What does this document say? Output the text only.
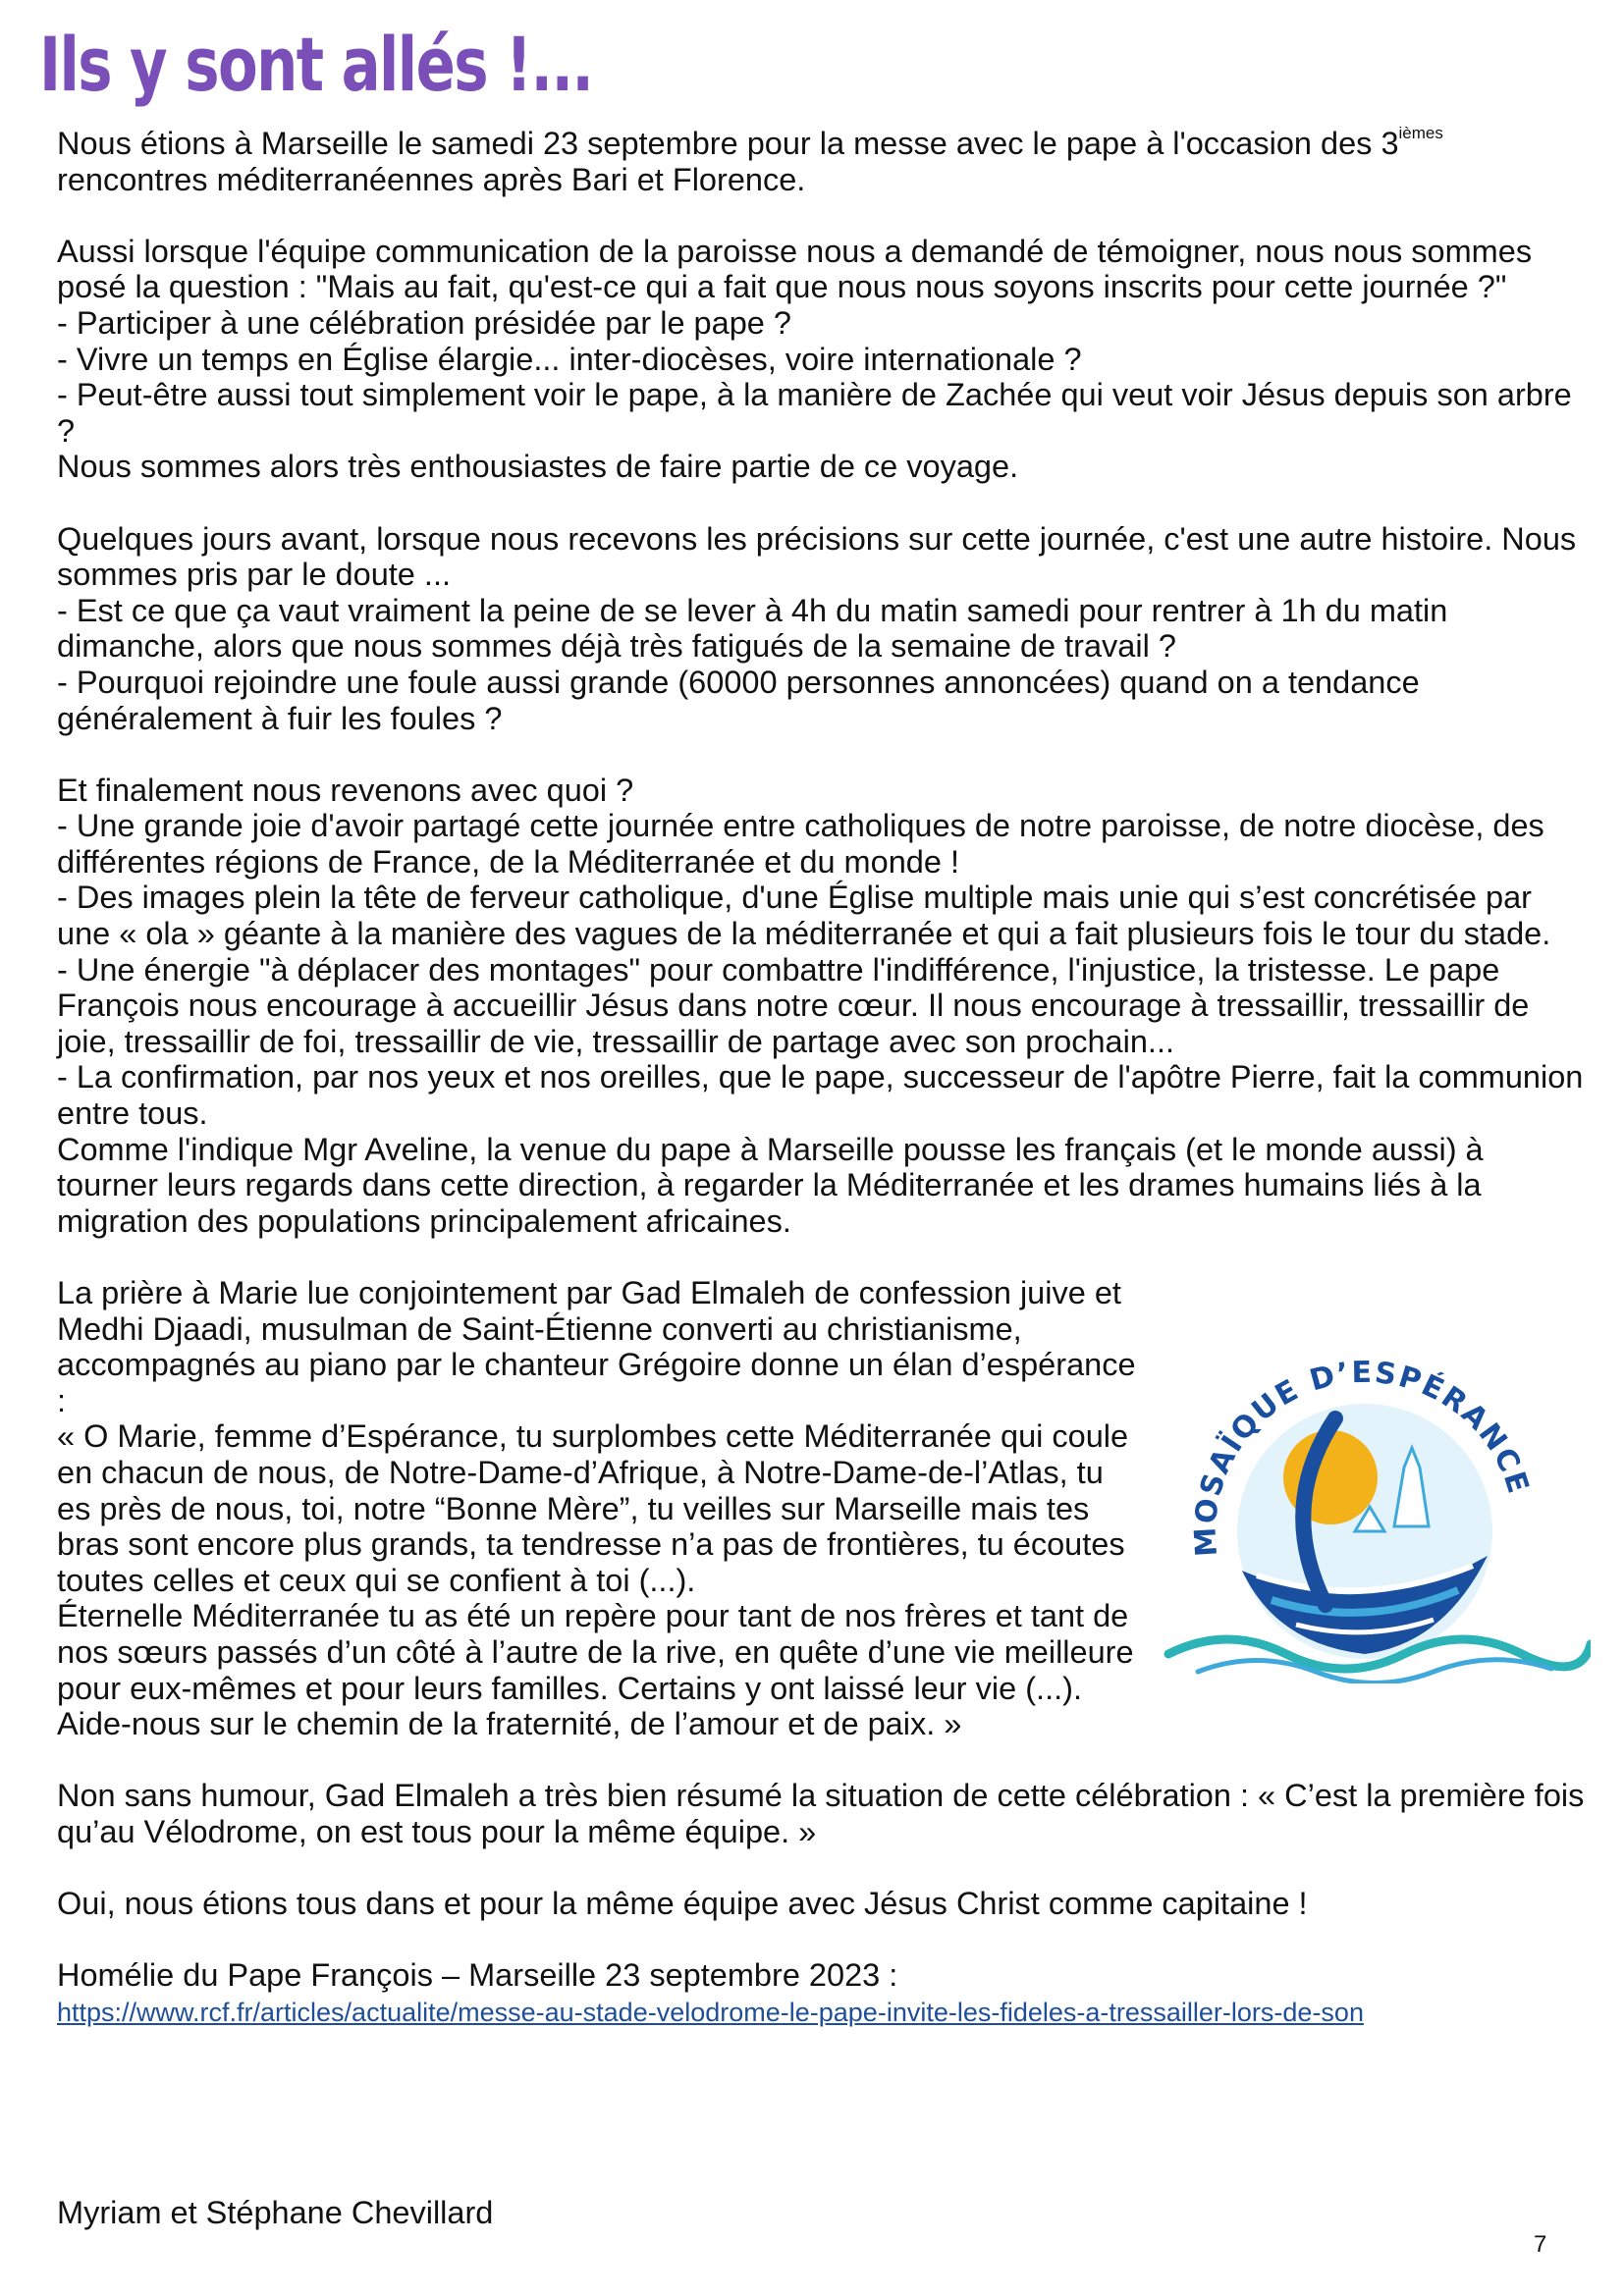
Ils y sont allés !...

Nous étions à Marseille le samedi 23 septembre pour la messe avec le pape à l'occasion des $3^{ièmes}$
rencontres méditerranéennes après Bari et Florence.

Aussi lorsque l'équipe communication de la paroisse nous a demandé de témoigner, nous nous sommes posé la question : "Mais au fait, qu'est-ce qui a fait que nous nous soyons inscrits pour cette journée ?"

- Participer à une célébration présidée par le pape ?

- Vivre un temps en Église élargie... inter-diocèses, voire internationale ?

- Peut-être aussi tout simplement voir le pape, à la manière de Zachée qui veut voir Jésus depuis son arbre ?

Nous sommes alors très enthousiastes de faire partie de ce voyage.

Quelques jours avant, lorsque nous recevons les précisions sur cette journée, c'est une autre histoire. Nous sommes pris par le doute ...

- Est ce que ça vaut vraiment la peine de se lever à 4h du matin samedi pour rentrer à 1h du matin dimanche, alors que nous sommes déjà très fatigués de la semaine de travail ?

- Pourquoi rejoindre une foule aussi grande (60000 personnes annoncées) quand on a tendance généralement à fuir les foules ?

Et finalement nous revenons avec quoi ?

- Une grande joie d'avoir partagé cette journée entre catholiques de notre paroisse, de notre diocèse, des différentes régions de France, de la Méditerranée et du monde !

- Des images plein la tête de ferveur catholique, d'une Église multiple mais unie qui s’est concrétisée par une « ola » géante à la manière des vagues de la méditerranée et qui a fait plusieurs fois le tour du stade.

- Une énergie "à déplacer des montages" pour combattre l'indifférence, l'injustice, la tristesse. Le pape François nous encourage à accueillir Jésus dans notre cœur. Il nous encourage à tressaillir, tressaillir de joie, tressaillir de foi, tressaillir de vie, tressaillir de partage avec son prochain...

- La confirmation, par nos yeux et nos oreilles, que le pape, successeur de l'apôtre Pierre, fait la communion entre tous.

Comme l'indique Mgr Aveline, la venue du pape à Marseille pousse les français (et le monde aussi) à tourner leurs regards dans cette direction, à regarder la Méditerranée et les drames humains liés à la migration des populations principalement africaines.

La prière à Marie lue conjointement par Gad Elmaleh de confession juive et Medhi Djaadi, musulman de Saint-Étienne converti au christianisme, accompagnés au piano par le chanteur Grégoire donne un élan d’espérance :

« O Marie, femme d’Espérance, tu surplombes cette Méditerranée qui coule en chacun de nous, de Notre-Dame-d’Afrique, à Notre-Dame-de-l’Atlas, tu es près de nous, toi, notre “Bonne Mère”, tu veilles sur Marseille mais tes bras sont encore plus grands, ta tendresse n’a pas de frontières, tu écoutes toutes celles et ceux qui se confient à toi (...).

Éternelle Méditerranée tu as été un repère pour tant de nos frères et tant de nos sœurs passés d’un côté à l’autre de la rive, en quête d’une vie meilleure pour eux-mêmes et pour leurs familles. Certains y ont laissé leur vie (...).

Aide-nous sur le chemin de la fraternité, de l’amour et de paix. »

Non sans humour, Gad Elmaleh a très bien résumé la situation de cette célébration : « C’est la première fois qu’au Vélodrome, on est tous pour la même équipe. »

Oui, nous étions tous dans et pour la même équipe avec Jésus Christ comme capitaine !

Homélie du Pape François – Marseille 23 septembre 2023 :

https://www.rcf.fr/articles/actualite/messe-au-stade-velodrome-le-pape-invite-les-fideles-a-tressailler-lors-de-son

MOSAÏQUE D’ESPÉRANCE
Myriam et Stéphane Chevillard
7
